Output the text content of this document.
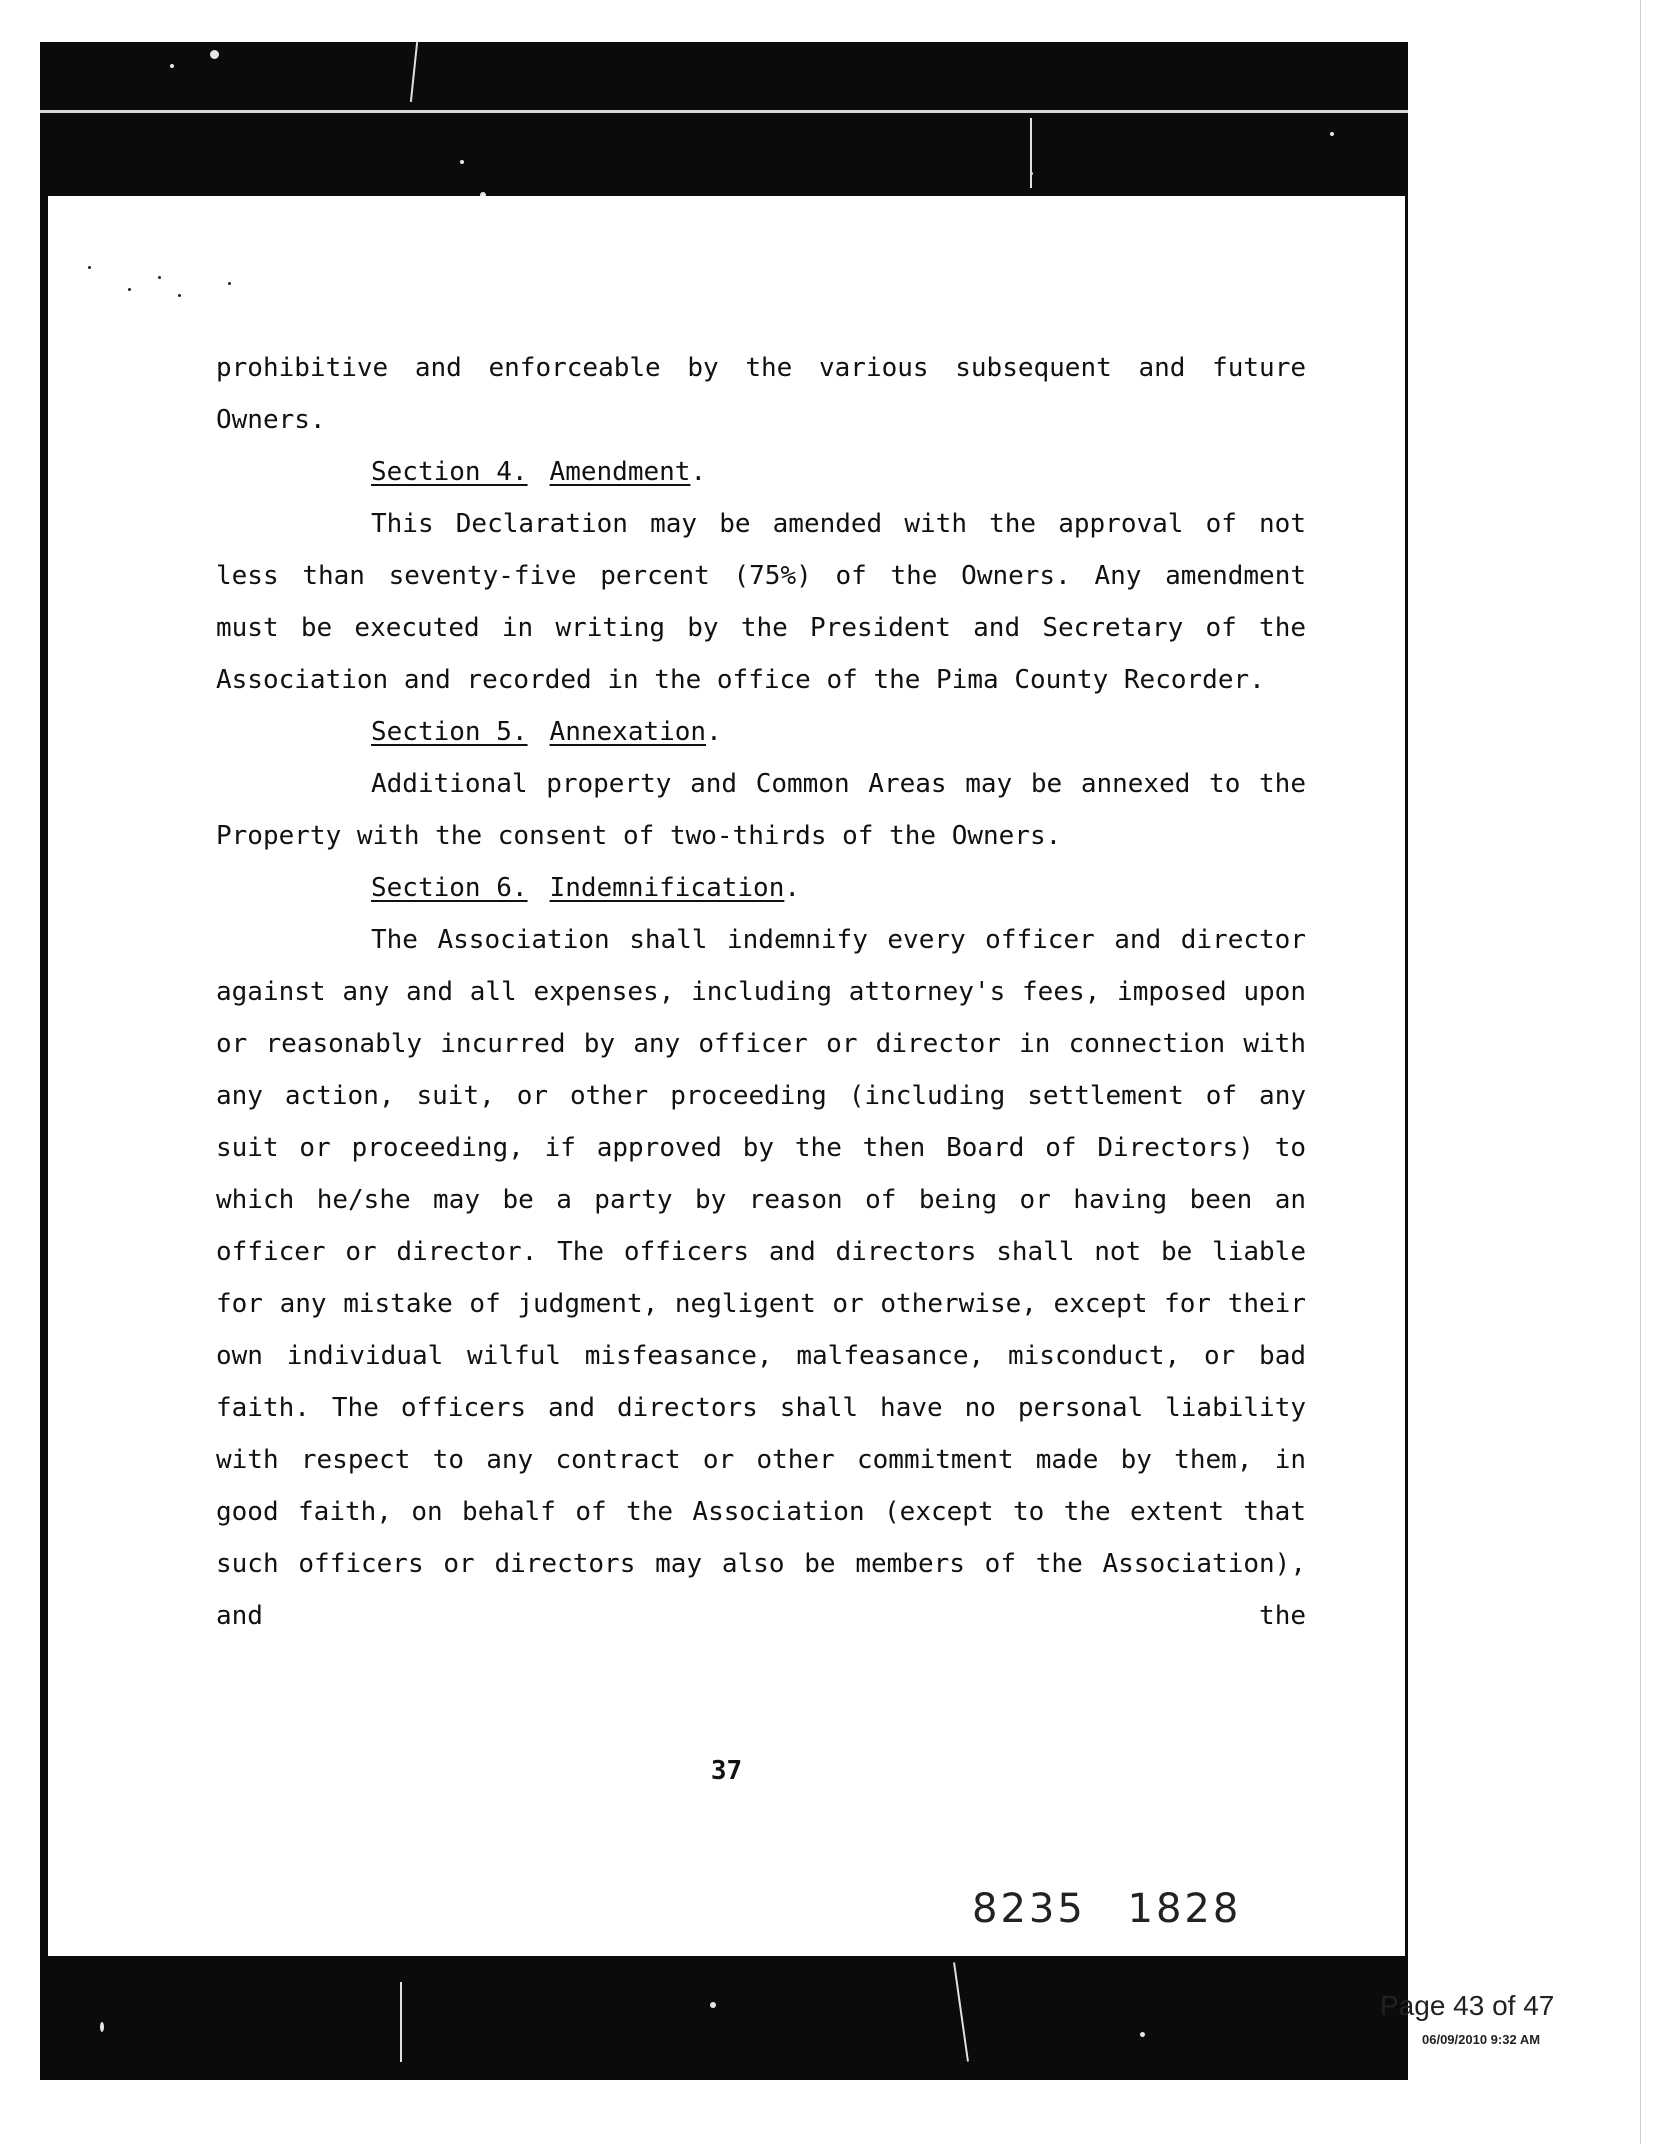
prohibitive and enforceable by the various subsequent and future

Owners.

Section 4. Amendment.

This Declaration may be amended with the approval of not less than seventy-five percent (75%) of the Owners. Any amendment must be executed in writing by the President and Secretary of the Association and recorded in the office of the Pima County Recorder.

Section 5. Annexation.

Additional property and Common Areas may be annexed to the Property with the consent of two-thirds of the Owners.

Section 6. Indemnification.

The Association shall indemnify every officer and director against any and all expenses, including attorney's fees, imposed upon or reasonably incurred by any officer or director in connection with any action, suit, or other proceeding (including settlement of any suit or proceeding, if approved by the then Board of Directors) to which he/she may be a party by reason of being or having been an officer or director. The officers and directors shall not be liable for any mistake of judgment, negligent or otherwise, except for their own individual wilful misfeasance, malfeasance, misconduct, or bad faith. The officers and directors shall have no personal liability with respect to any contract or other commitment made by them, in good faith, on behalf of the Association (except to the extent that such officers or directors may also be members of the Association), and the

37
8235 1828
Page 43 of 47
06/09/2010 9:32 AM
